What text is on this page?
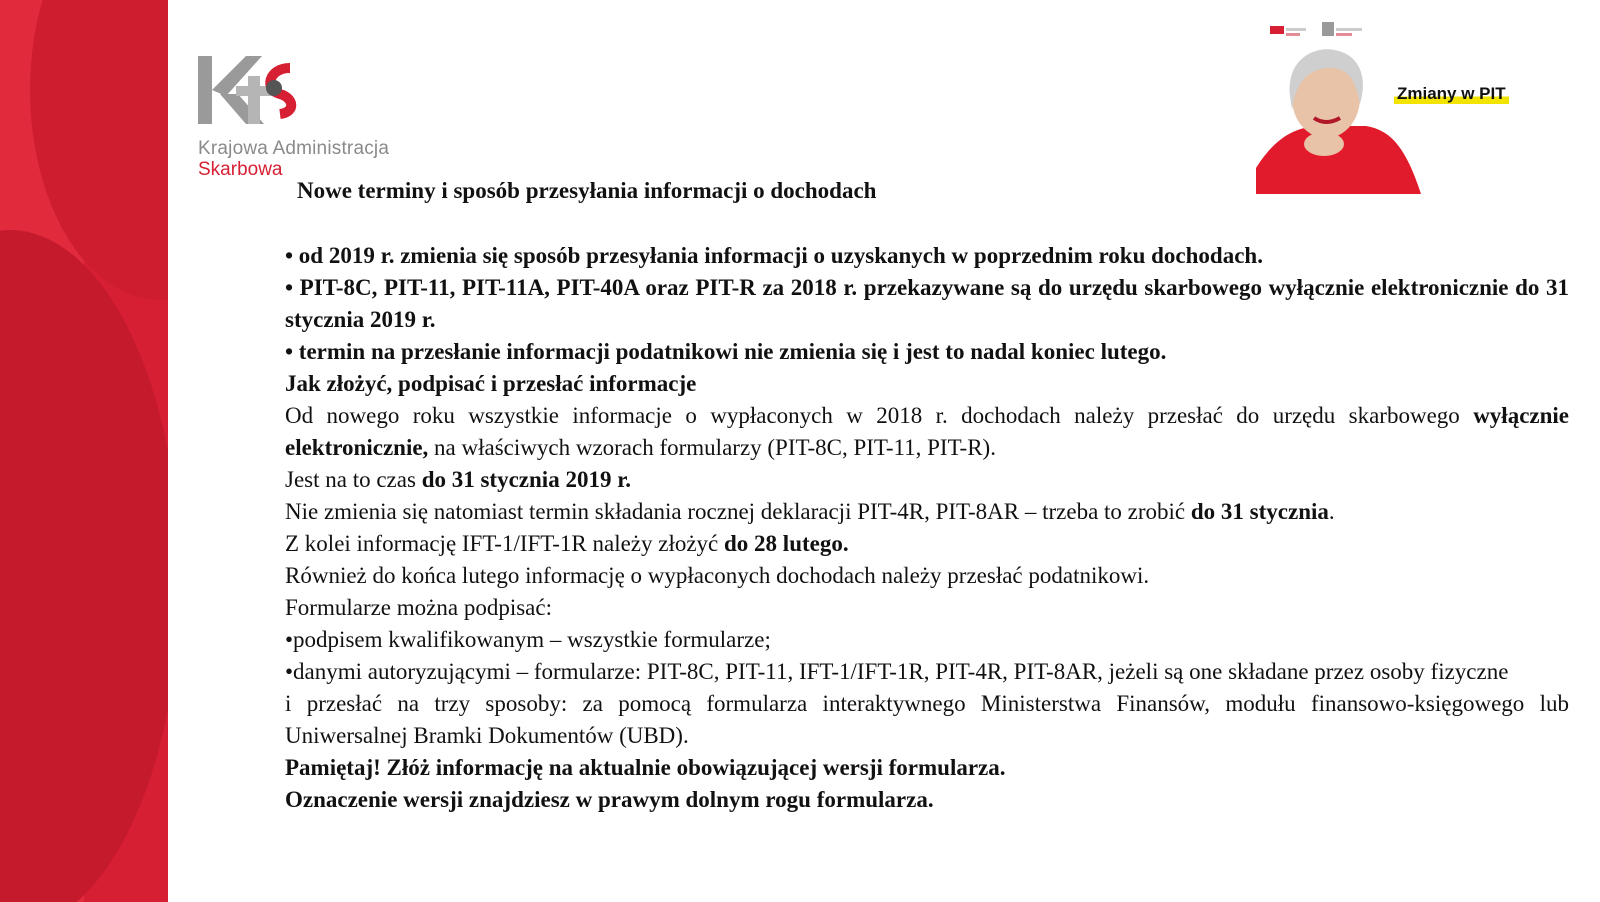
Krajowa Administracja
Skarbowa
Nowe terminy i sposób przesyłania informacji o dochodach
Zmiany w PIT

• od 2019 r. zmienia się sposób przesyłania informacji o uzyskanych w poprzednim roku dochodach.

• PIT-8C, PIT-11, PIT-11A, PIT-40A oraz PIT-R za 2018 r. przekazywane są do urzędu skarbowego wyłącznie elektronicznie do 31 stycznia 2019 r.

• termin na przesłanie informacji podatnikowi nie zmienia się i jest to nadal koniec lutego.

Jak złożyć, podpisać i przesłać informacje

Od nowego roku wszystkie informacje o wypłaconych w 2018 r. dochodach należy przesłać do urzędu skarbowego wyłącznie elektronicznie, na właściwych wzorach formularzy (PIT-8C, PIT-11, PIT-R).

Jest na to czas do 31 stycznia 2019 r.

Nie zmienia się natomiast termin składania rocznej deklaracji PIT-4R, PIT-8AR – trzeba to zrobić do 31 stycznia.

Z kolei informację IFT-1/IFT-1R należy złożyć do 28 lutego.

Również do końca lutego informację o wypłaconych dochodach należy przesłać podatnikowi.

Formularze można podpisać:

•podpisem kwalifikowanym – wszystkie formularze;

•danymi autoryzującymi – formularze: PIT-8C, PIT-11, IFT-1/IFT-1R, PIT-4R, PIT-8AR, jeżeli są one składane przez osoby fizyczne

i przesłać na trzy sposoby: za pomocą formularza interaktywnego Ministerstwa Finansów, modułu finansowo-księgowego lub Uniwersalnej Bramki Dokumentów (UBD).

Pamiętaj! Złóż informację na aktualnie obowiązującej wersji formularza.

Oznaczenie wersji znajdziesz w prawym dolnym rogu formularza.
